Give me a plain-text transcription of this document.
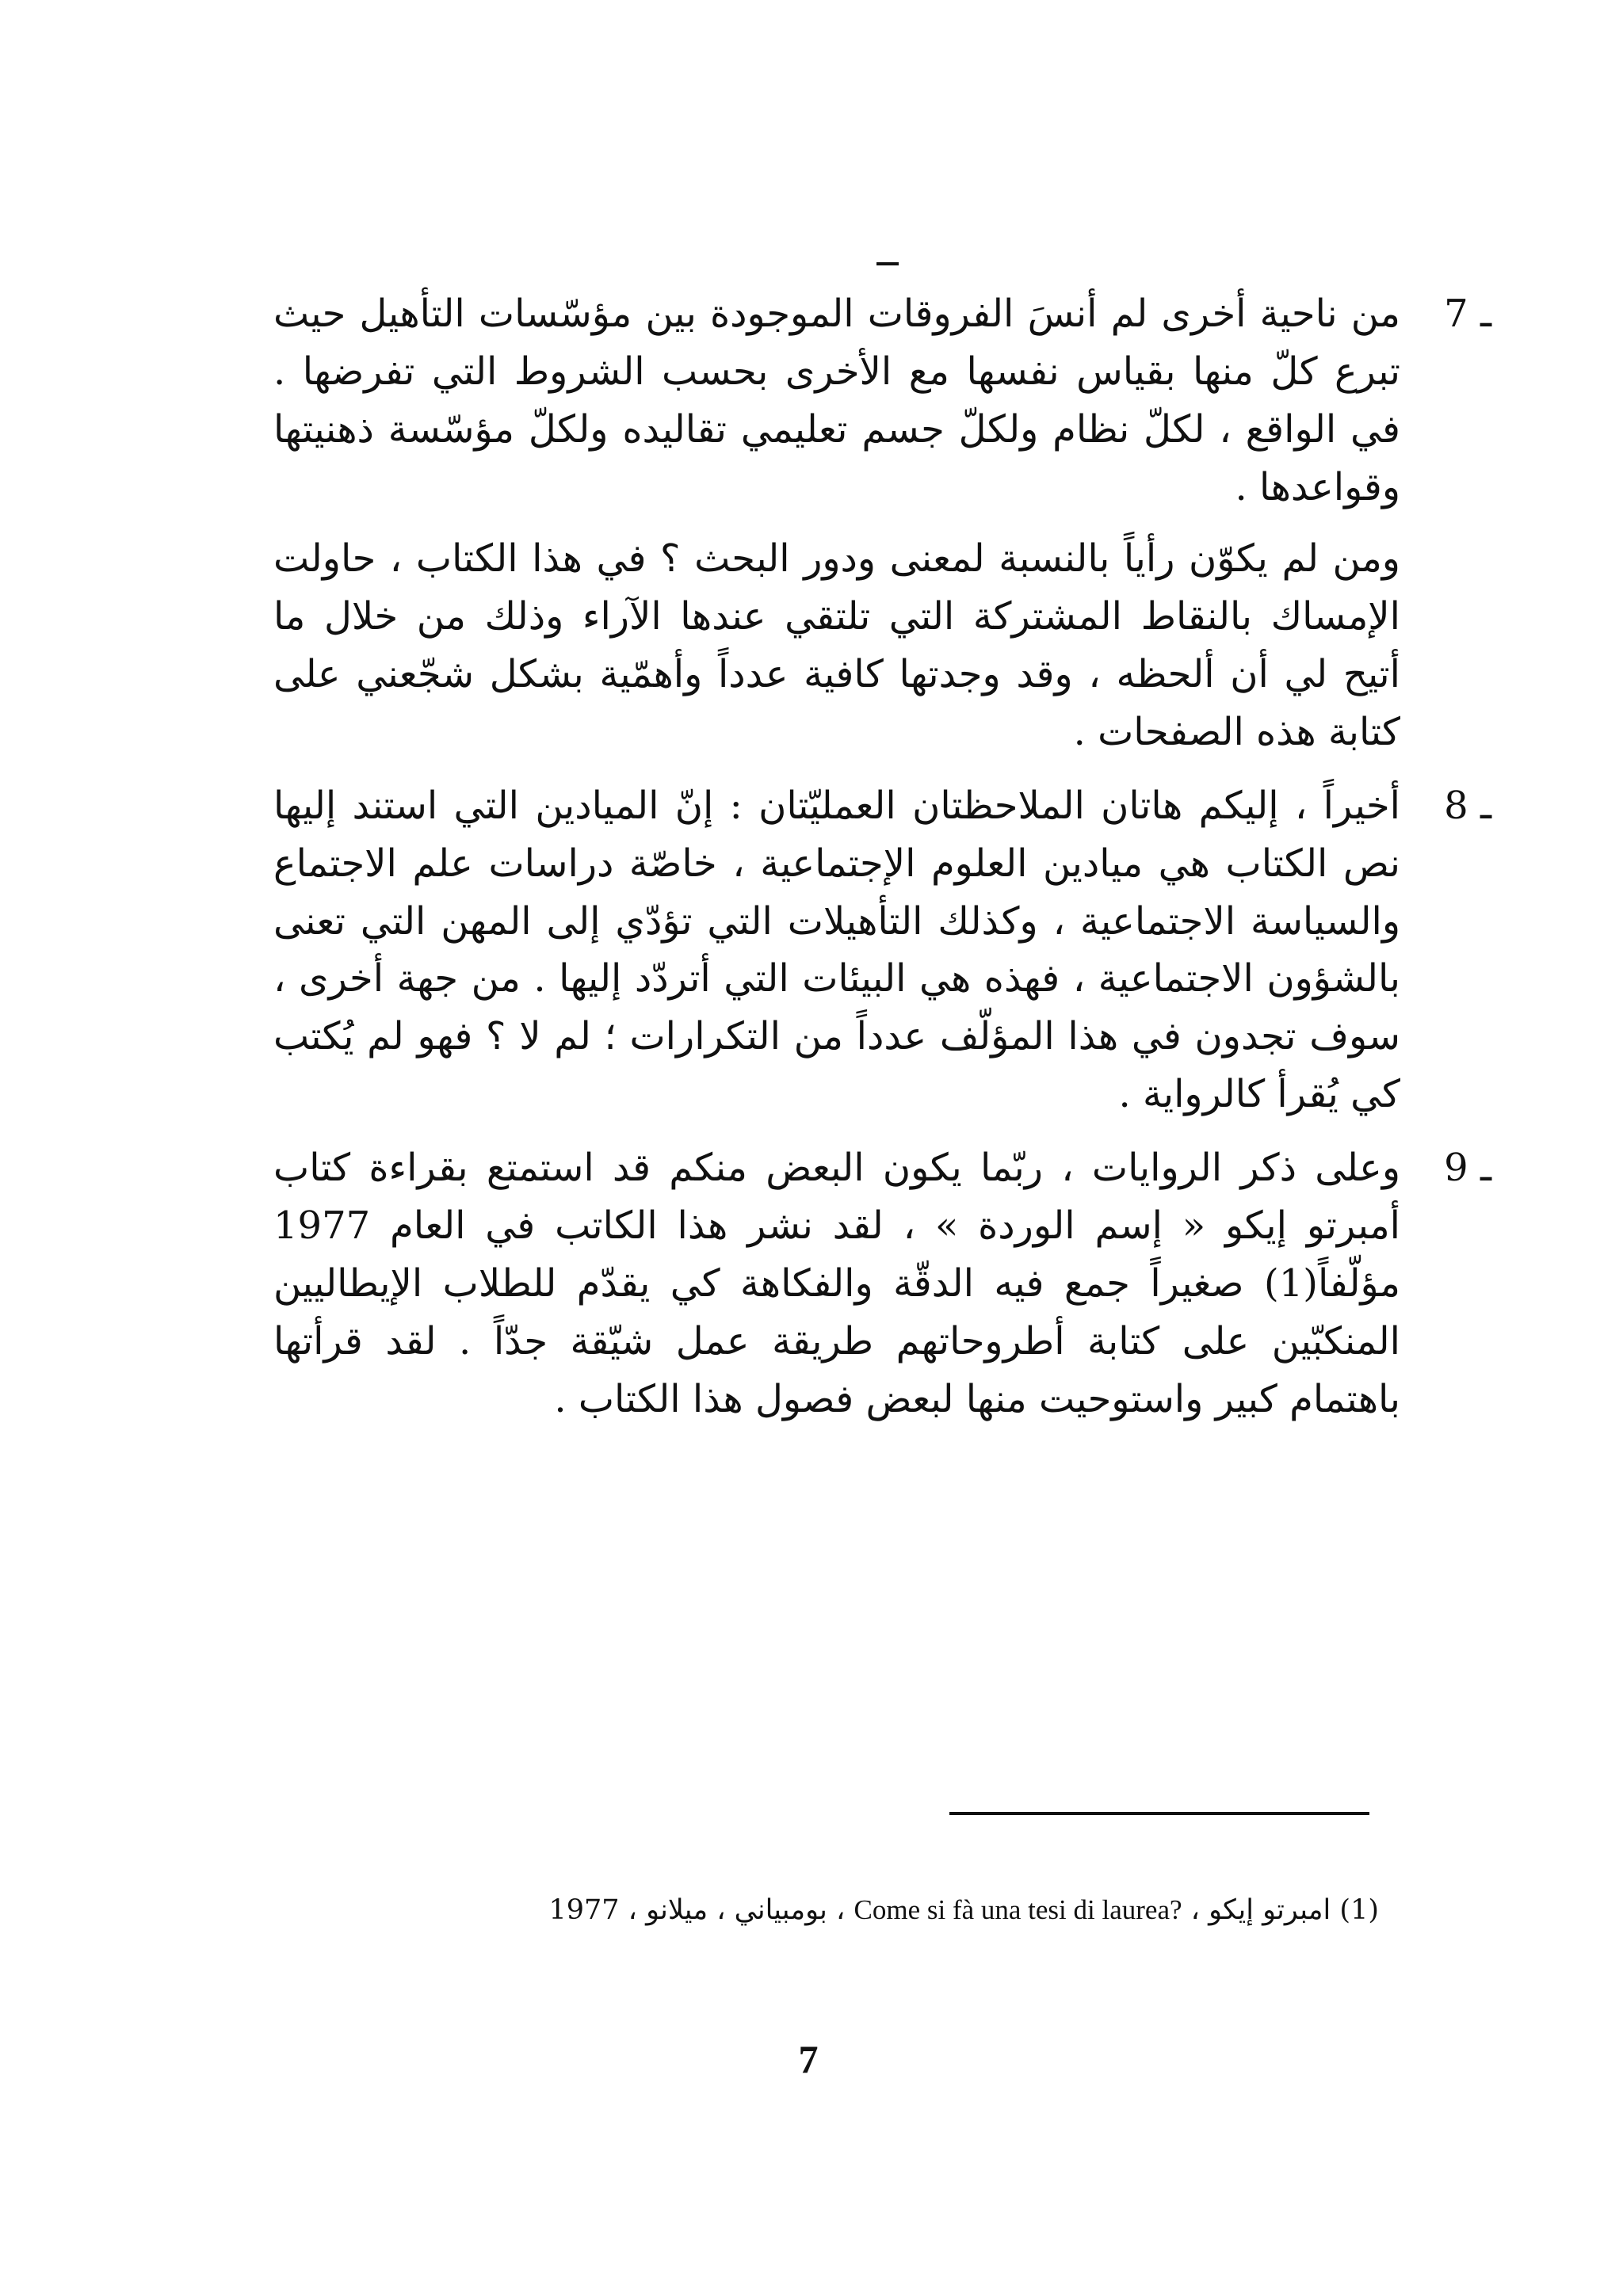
7 ـ

من ناحية أخرى لم أنسَ الفروقات الموجودة بين مؤسّسات التأهيل حيث تبرع كلّ منها بقياس نفسها مع الأخرى بحسب الشروط التي تفرضها . في الواقع ، لكلّ نظام ولكلّ جسم تعليمي تقاليده ولكلّ مؤسّسة ذهنيتها وقواعدها .

ومن لم يكوّن رأياً بالنسبة لمعنى ودور البحث ؟ في هذا الكتاب ، حاولت الإمساك بالنقاط المشتركة التي تلتقي عندها الآراء وذلك من خلال ما أتيح لي أن ألحظه ، وقد وجدتها كافية عدداً وأهمّية بشكل شجّعني على كتابة هذه الصفحات .

8 ـ

أخيراً ، إليكم هاتان الملاحظتان العمليّتان : إنّ الميادين التي استند إليها نص الكتاب هي ميادين العلوم الإجتماعية ، خاصّة دراسات علم الاجتماع والسياسة الاجتماعية ، وكذلك التأهيلات التي تؤدّي إلى المهن التي تعنى بالشؤون الاجتماعية ، فهذه هي البيئات التي أتردّد إليها . من جهة أخرى ، سوف تجدون في هذا المؤلّف عدداً من التكرارات ؛ لم لا ؟ فهو لم يُكتب كي يُقرأ كالرواية .

9 ـ

وعلى ذكر الروايات ، ربّما يكون البعض منكم قد استمتع بقراءة كتاب أمبرتو إيكو « إسم الوردة » ، لقد نشر هذا الكاتب في العام 1977 مؤلّفاً(1) صغيراً جمع فيه الدقّة والفكاهة كي يقدّم للطلاب الإيطاليين المنكبّين على كتابة أطروحاتهم طريقة عمل شيّقة جدّاً . لقد قرأتها باهتمام كبير واستوحيت منها لبعض فصول هذا الكتاب .

(1) امبرتو إيكو ، Come si fà una tesi di laurea? ، بومبياني ، ميلانو ، 1977
7
